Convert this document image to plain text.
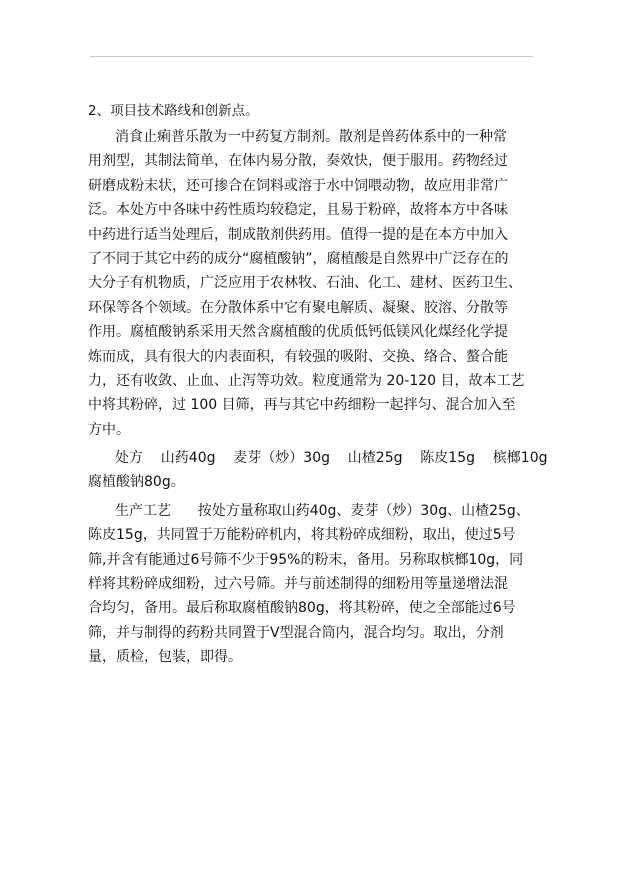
2、项目技术路线和创新点。

消食止痢普乐散为一中药复方制剂。散剂是兽药体系中的一种常
用剂型，其制法简单，在体内易分散，奏效快，便于服用。药物经过
研磨成粉末状，还可掺合在饲料或溶于水中饲喂动物，故应用非常广
泛。本处方中各味中药性质均较稳定，且易于粉碎，故将本方中各味
中药进行适当处理后，制成散剂供药用。值得一提的是在本方中加入
了不同于其它中药的成分“腐植酸钠”，腐植酸是自然界中广泛存在的
大分子有机物质，广泛应用于农林牧、石油、化工、建材、医药卫生、
环保等各个领域。在分散体系中它有聚电解质、凝聚、胶溶、分散等
作用。腐植酸钠系采用天然含腐植酸的优质低钙低镁风化煤经化学提
炼而成，具有很大的内表面积，有较强的吸附、交换、络合、螯合能
力，还有收敛、止血、止泻等功效。粒度通常为 20-120 目，故本工艺
中将其粉碎，过 100 目筛，再与其它中药细粉一起拌匀、混合加入至
方中。

处方    山药40g    麦芽（炒）30g    山楂25g    陈皮15g    槟榔10g
腐植酸钠80g。

生产工艺      按处方量称取山药40g、麦芽（炒）30g、山楂25g、
陈皮15g，共同置于万能粉碎机内，将其粉碎成细粉，取出，使过5号
筛,并含有能通过6号筛不少于95%的粉末，备用。另称取槟榔10g，同
样将其粉碎成细粉，过六号筛。并与前述制得的细粉用等量递增法混
合均匀，备用。最后称取腐植酸钠80g，将其粉碎，使之全部能过6号
筛，并与制得的药粉共同置于V型混合筒内，混合均匀。取出，分剂
量，质检，包装，即得。
